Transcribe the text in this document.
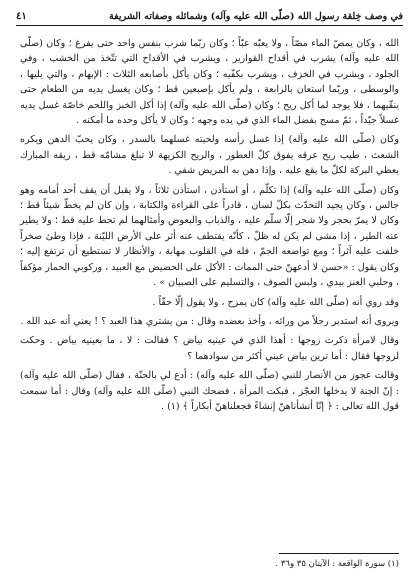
في وصف خِلقة رسول الله (صلّى الله عليه وآله) وشمائله وصفاته الشريفة
٤١

الله ، وكان يمصّ الماء مصّاً ، ولا يعبّه عبّاً ؛ وكان ربّما شرب بنفس واحد حتى يفرغ ؛ وكان (صلّى الله عليه وآله) يشرب في أقداح القوارير ، ويشرب في الأقداح التي تتّخذ من الخشب ، وفي الجلود ، ويشرب في الخزف ، ويشرب بكفّيه ؛ وكان يأكل بأصابعه الثلاث : الإبهام ، والتي يليها ، والوسطى ، وربّما استعان بالرابعة ، ولم يأكل بإصبعين قط ؛ وكان يغسل يديه من الطعام حتى ينقّيهما ، فلا يوجد لما أكل ريح ؛ وكان (صلّى الله عليه وآله) إذا أكل الخبز واللحم خاصّة غسل يديه غسلاً جيّداً ، ثمّ مسح بفضل الماء الذي في يده وجهه ؛ وكان لا يأكل وحده ما أمكنه .

وكان (صلّى الله عليه وآله) إذا غسل رأسه ولحيته غسلهما بالسدر ، وكان يحبّ الدهن ويكره الشعث ، طيب ريح عرقه يفوق كلّ العطور ، والريح الكريهة لا تبلغ مشامّه قط ، ريقه المبارك يعطي البركة لكلّ ما يقع عليه ، وإذا دهن به المريض شفي .

وكان (صلّى الله عليه وآله) إذا تكلّم ، أو استأذن ، استأذن ثلاثاً ، ولا يقبل أن يقف أحد أمامه وهو جالس ، وكان يجيد التحدّث بكلّ لسان ، قادراً على القراءة والكتابة ، وإن كان لم يخطّ شيئاً قط ؛ وكان لا يمرّ بحجر ولا شجر إلّا سلّم عليه ، والذباب والبعوض وأمثالهما لم تحط عليه قط ؛ ولا يطير عنه الطير ، إذا مشى لم يكن له ظلّ ، كأنّه يقتطف عنه أثر على الأرض الليّنة ، فإذا وطئ صخراً خلفت عليه آثراً ؛ ومع تواضعه الجمّ ، فله في القلوب مهابة ، والأنظار لا تستطيع أن ترتفع إليه ؛ وكان يقول : «حسن لا أدعهنّ حتى الممات : الأكل على الحضيض مع العبيد ، وركوبي الحمار مؤكفاً ، وحلبي العنز بيدي ، ولبس الصوف ، والتسليم على الصبيان » .

وقد روي أنه (صلّى الله عليه وآله) كان يمزح ، ولا يقول إلّا حقّاً .

ويروى أنه استدبر رجلاً من ورائه ، وأخذ بعضده وقال : من يشتري هذا العبد ؟ ! يعني أنه عبد الله .

وقال لامرأة ذكرت زوجها : أهذا الذي في عينيه بياض ؟ فقالت : لا ، ما بعينيه بياض . وحكت لزوجها فقال : أما ترين بياض عيني أكثر من سوادهما ؟

وقالت عجوز من الأنصار للنبي (صلّى الله عليه وآله) : أدع لي بالجنّة ، فقال (صلّى الله عليه وآله) : إنّ الجنة لا يدخلها العجّز ، فبكت المرأة ، فضحك النبي (صلّى الله عليه وآله) وقال : أما سمعت قول الله تعالى : ﴿ إنّا أنشأناهنّ إنشاءً فجعلناهنّ أبكاراً ﴾ (١) .

(١) سورة الواقعة : الآيتان ٣٥ و٣٦ .
